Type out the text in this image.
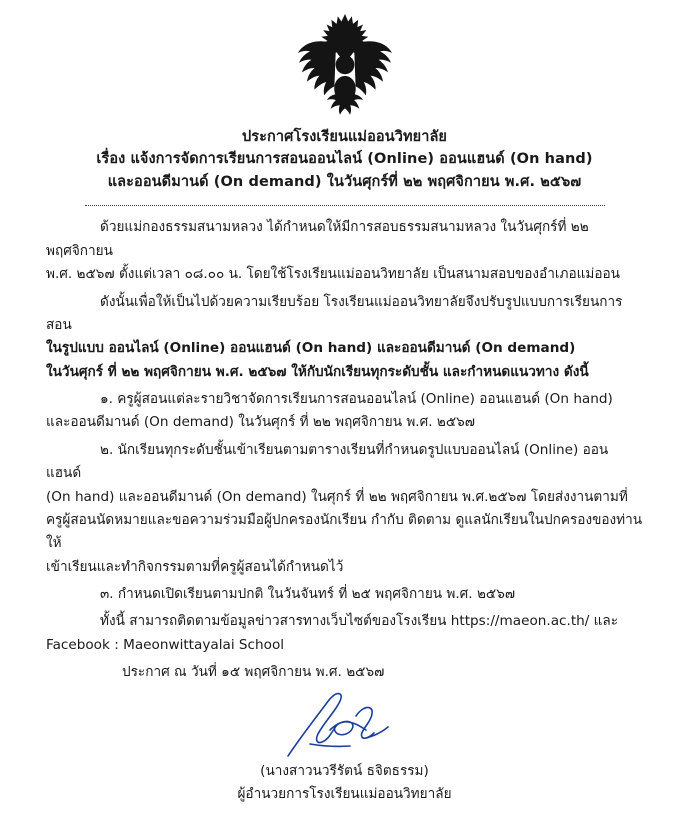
ประกาศโรงเรียนแม่ออนวิทยาลัย
เรื่อง แจ้งการจัดการเรียนการสอนออนไลน์ (Online) ออนแฮนด์ (On hand)
และออนดีมานด์ (On demand) ในวันศุกร์ที่ ๒๒ พฤศจิกายน พ.ศ. ๒๕๖๗

ด้วยแม่กองธรรมสนามหลวง ได้กำหนดให้มีการสอบธรรมสนามหลวง ในวันศุกร์ที่ ๒๒ พฤศจิกายน
พ.ศ. ๒๕๖๗ ตั้งแต่เวลา ๐๘.๐๐ น. โดยใช้โรงเรียนแม่ออนวิทยาลัย เป็นสนามสอบของอำเภอแม่ออน

ดังนั้นเพื่อให้เป็นไปด้วยความเรียบร้อย โรงเรียนแม่ออนวิทยาลัยจึงปรับรูปแบบการเรียนการสอน
ในรูปแบบ ออนไลน์ (Online) ออนแฮนด์ (On hand) และออนดีมานด์ (On demand)
ในวันศุกร์ ที่ ๒๒ พฤศจิกายน พ.ศ. ๒๕๖๗ ให้กับนักเรียนทุกระดับชั้น และกำหนดแนวทาง ดังนี้

๑. ครูผู้สอนแต่ละรายวิชาจัดการเรียนการสอนออนไลน์ (Online) ออนแฮนด์ (On hand)
และออนดีมานด์ (On demand) ในวันศุกร์ ที่ ๒๒ พฤศจิกายน พ.ศ. ๒๕๖๗

๒. นักเรียนทุกระดับชั้นเข้าเรียนตามตารางเรียนที่กำหนดรูปแบบออนไลน์ (Online) ออนแฮนด์
(On hand) และออนดีมานด์ (On demand) ในศุกร์ ที่ ๒๒ พฤศจิกายน พ.ศ.๒๕๖๗ โดยส่งงานตามที่
ครูผู้สอนนัดหมายและขอความร่วมมือผู้ปกครองนักเรียน กำกับ ติดตาม ดูแลนักเรียนในปกครองของท่านให้
เข้าเรียนและทำกิจกรรมตามที่ครูผู้สอนได้กำหนดไว้

๓. กำหนดเปิดเรียนตามปกติ ในวันจันทร์ ที่ ๒๕ พฤศจิกายน พ.ศ. ๒๕๖๗

ทั้งนี้ สามารถติดตามข้อมูลข่าวสารทางเว็บไซต์ของโรงเรียน https://maeon.ac.th/ และ
Facebook : Maeonwittayalai School

ประกาศ ณ วันที่ ๑๕ พฤศจิกายน พ.ศ. ๒๕๖๗

(นางสาวนวรีรัตน์ ธจิตธรรม)
ผู้อำนวยการโรงเรียนแม่ออนวิทยาลัย
